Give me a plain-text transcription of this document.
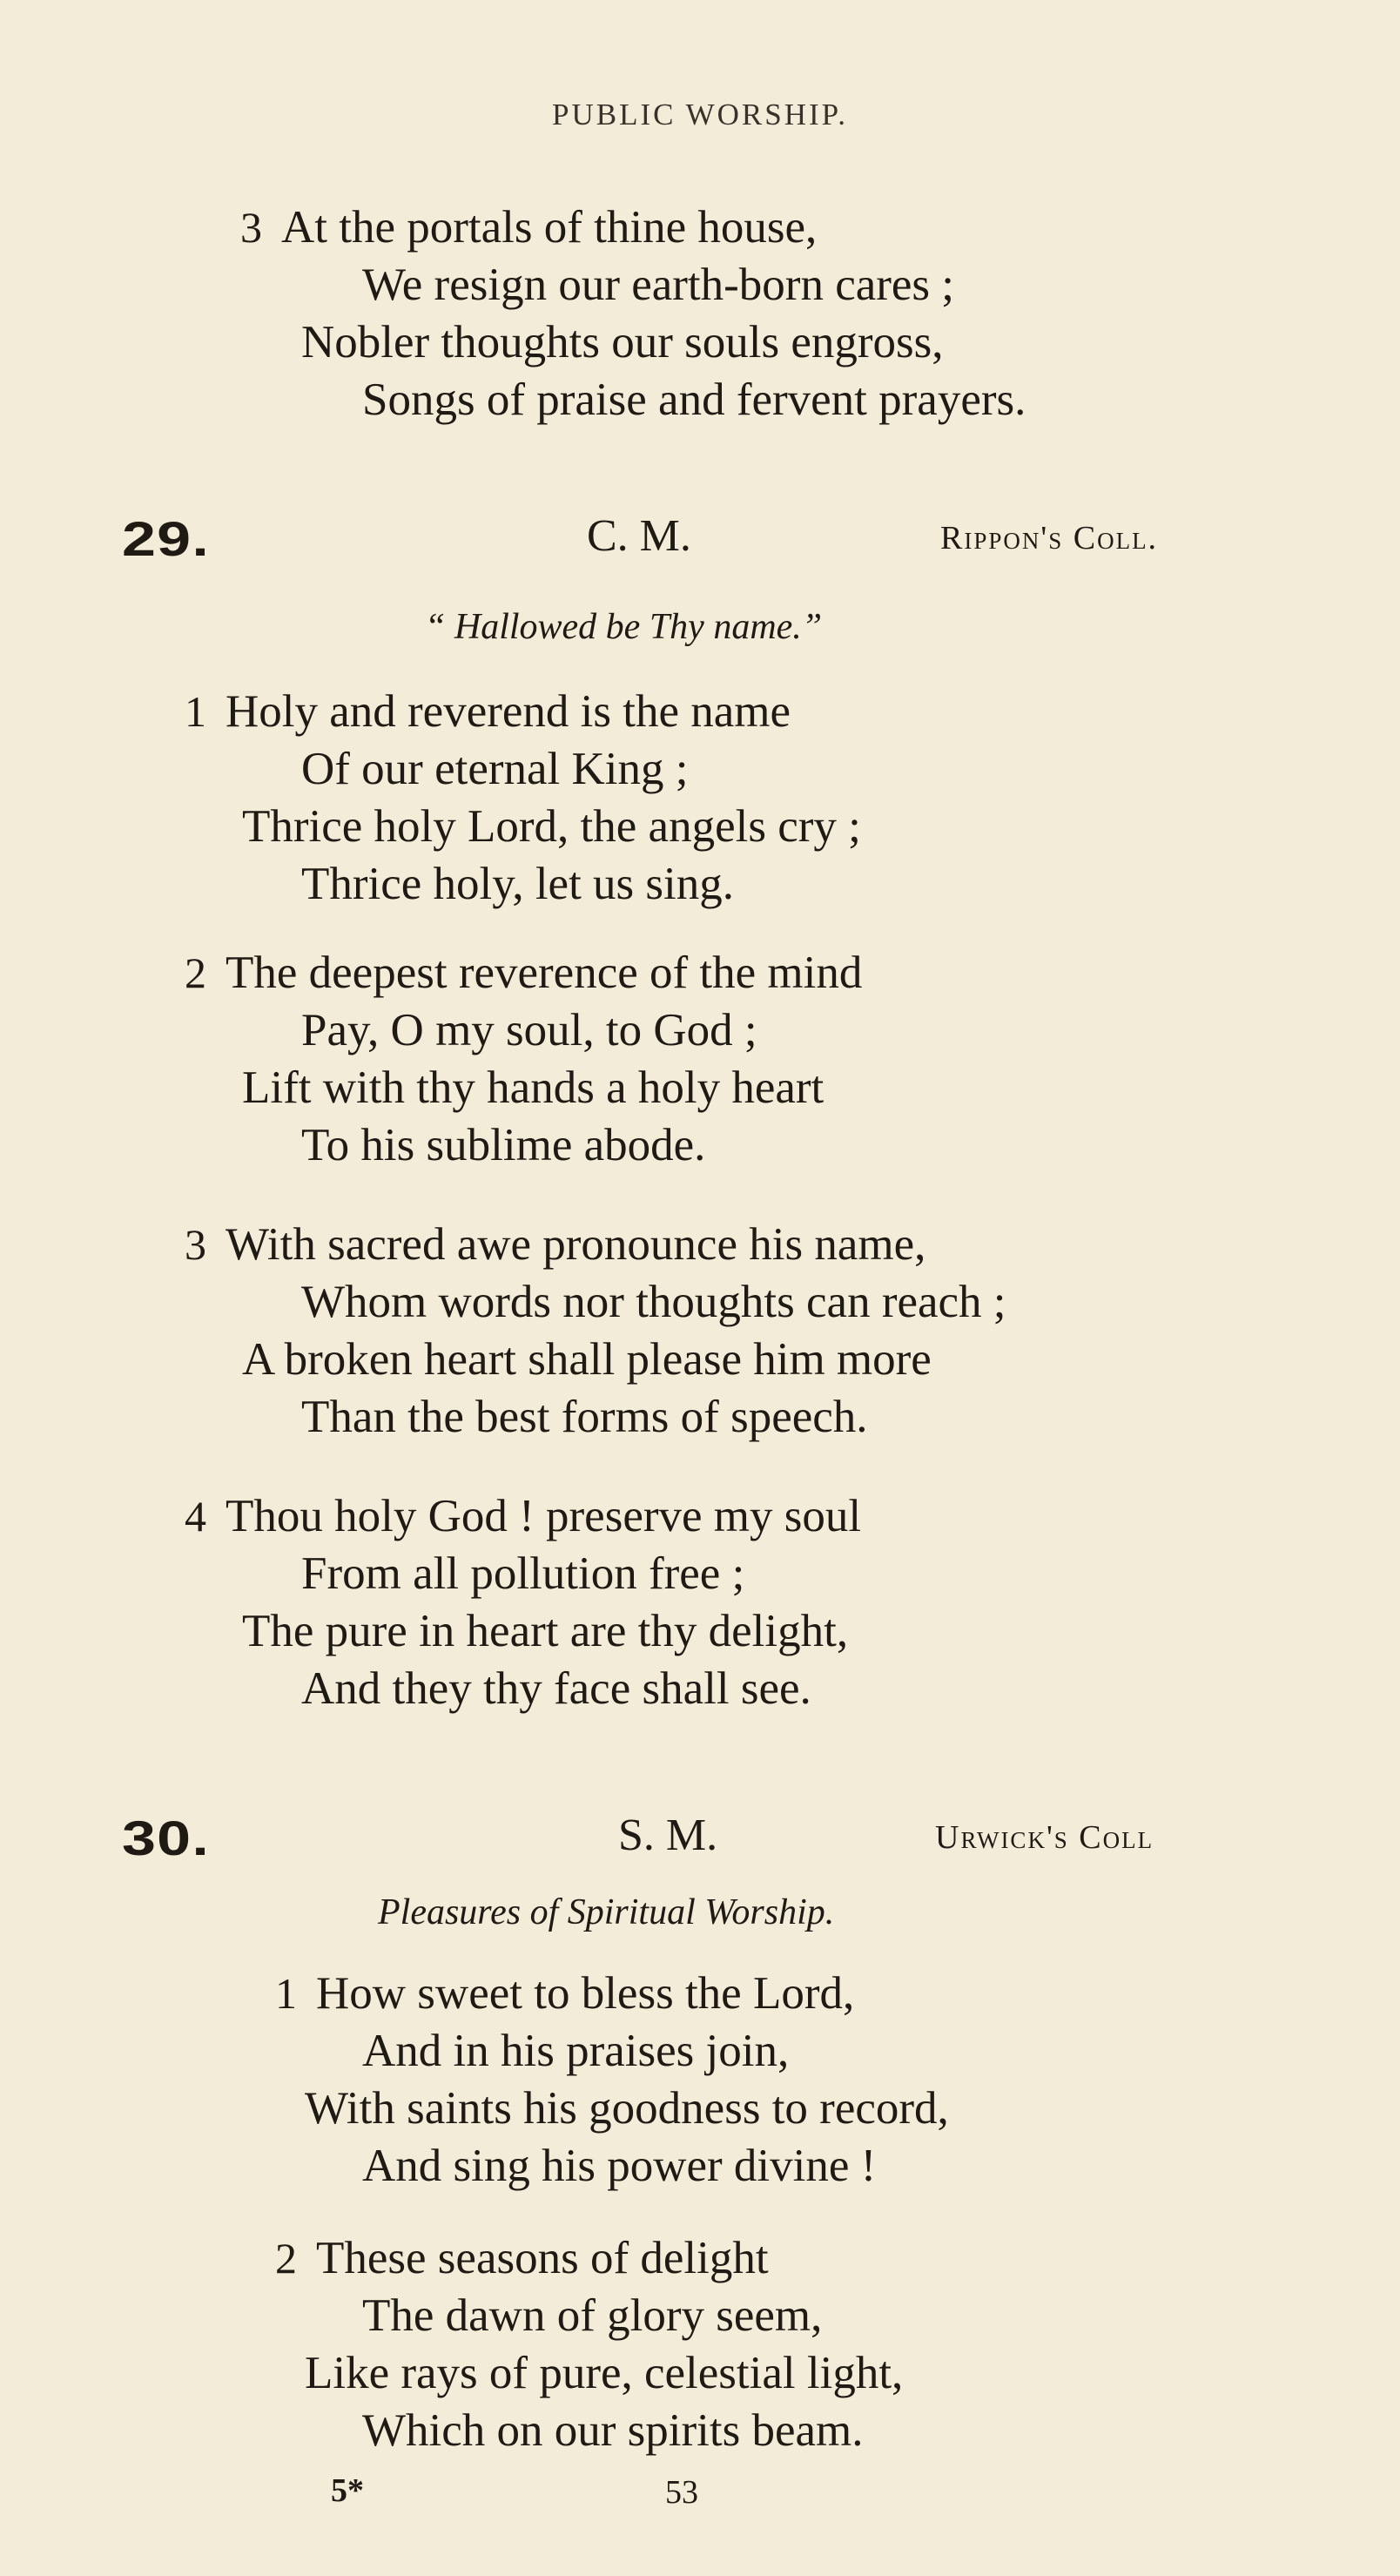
PUBLIC WORSHIP.
3 At the portals of thine house,
We resign our earth-born cares ;
Nobler thoughts our souls engross,
Songs of praise and fervent prayers.
29.	C. M.	Rippon's Coll.
“ Hallowed be Thy name.”
1 Holy and reverend is the name
Of our eternal King ;
Thrice holy Lord, the angels cry ;
Thrice holy, let us sing.
2 The deepest reverence of the mind
Pay, O my soul, to God ;
Lift with thy hands a holy heart
To his sublime abode.
3 With sacred awe pronounce his name,
Whom words nor thoughts can reach ;
A broken heart shall please him more
Than the best forms of speech.
4 Thou holy God ! preserve my soul
From all pollution free ;
The pure in heart are thy delight,
And they thy face shall see.
30.	S. M.	Urwick's Coll
Pleasures of Spiritual Worship.
1 How sweet to bless the Lord,
And in his praises join,
With saints his goodness to record,
And sing his power divine !
2 These seasons of delight
The dawn of glory seem,
Like rays of pure, celestial light,
Which on our spirits beam.
5*	53
